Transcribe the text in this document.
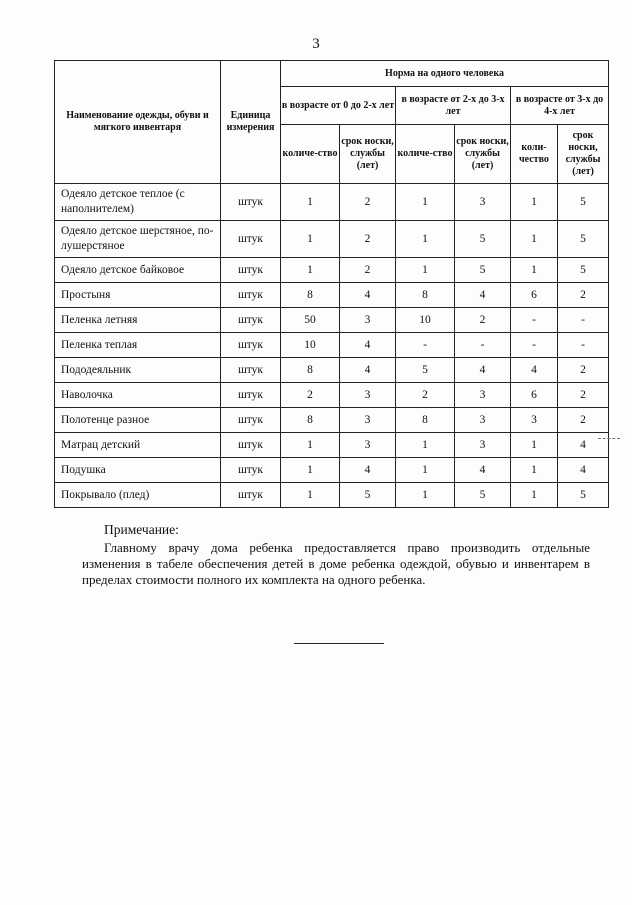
3
Наименование одежды, обуви и мягкого инвентаря	Единица измерения	Норма на одного человека					
		в возрасте от 0 до 2-х лет		в возрасте от 2-х до 3-х лет		в возрасте от 3-х до 4-х лет	
		количе-ство	срок носки, службы (лет)	количе-ство	срок носки, службы (лет)	коли-чество	срок носки, службы (лет)
Одеяло детское теплое (с наполнителем)	штук	1	2	1	3	1	5
Одеяло детское шерстяное, по-лушерстяное	штук	1	2	1	5	1	5
Одеяло детское байковое	штук	1	2	1	5	1	5
Простыня	штук	8	4	8	4	6	2
Пеленка летняя	штук	50	3	10	2	-	-
Пеленка теплая	штук	10	4	-	-	-	-
Пододеяльник	штук	8	4	5	4	4	2
Наволочка	штук	2	3	2	3	6	2
Полотенце разное	штук	8	3	8	3	3	2
Матрац детский	штук	1	3	1	3	1	4
Подушка	штук	1	4	1	4	1	4
Покрывало (плед)	штук	1	5	1	5	1	5
Примечание:
Главному врачу дома ребенка предоставляется право производить отдельные изменения в табеле обеспечения детей в доме ребенка одеждой, обувью и инвентарем в пределах стоимости полного их комплекта на одного ребенка.
